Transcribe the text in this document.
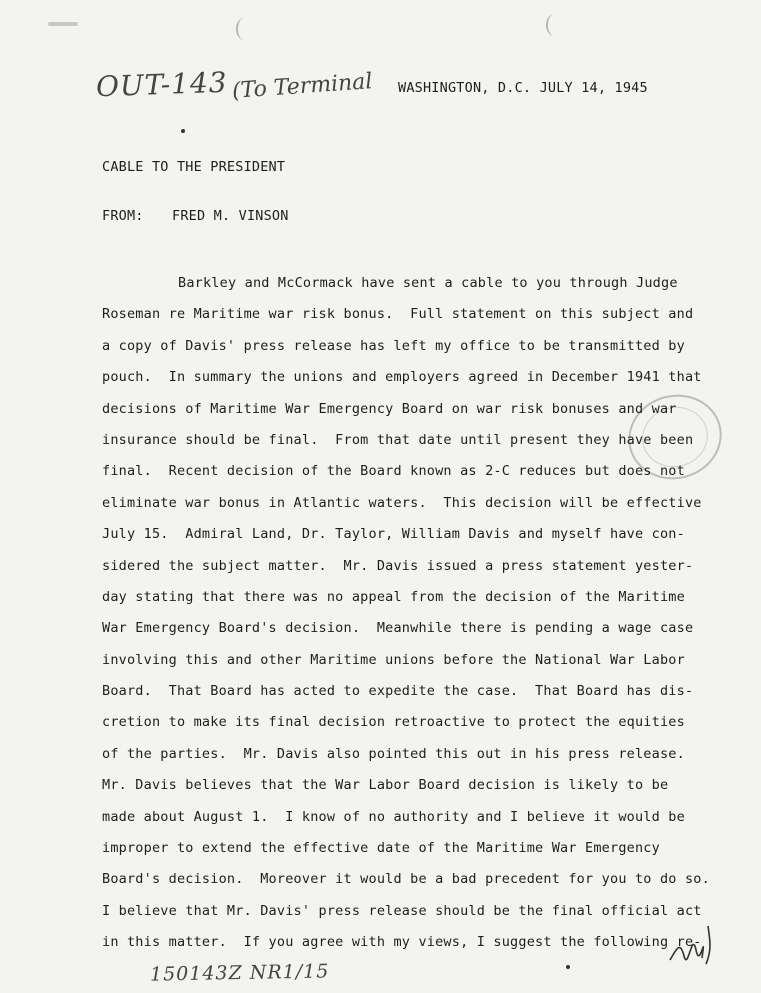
OUT-143 (To Terminal WASHINGTON, D.C. JULY 14, 1945
CABLE TO THE PRESIDENT
FROM: FRED M. VINSON
Barkley and McCormack have sent a cable to you through Judge
Roseman re Maritime war risk bonus.  Full statement on this subject and
a copy of Davis' press release has left my office to be transmitted by
pouch.  In summary the unions and employers agreed in December 1941 that
decisions of Maritime War Emergency Board on war risk bonuses and war
insurance should be final.  From that date until present they have been
final.  Recent decision of the Board known as 2-C reduces but does not
eliminate war bonus in Atlantic waters.  This decision will be effective
July 15.  Admiral Land, Dr. Taylor, William Davis and myself have con-
sidered the subject matter.  Mr. Davis issued a press statement yester-
day stating that there was no appeal from the decision of the Maritime
War Emergency Board's decision.  Meanwhile there is pending a wage case
involving this and other Maritime unions before the National War Labor
Board.  That Board has acted to expedite the case.  That Board has dis-
cretion to make its final decision retroactive to protect the equities
of the parties.  Mr. Davis also pointed this out in his press release.
Mr. Davis believes that the War Labor Board decision is likely to be
made about August 1.  I know of no authority and I believe it would be
improper to extend the effective date of the Maritime War Emergency
Board's decision.  Moreover it would be a bad precedent for you to do so.
I believe that Mr. Davis' press release should be the final official act
in this matter.  If you agree with my views, I suggest the following re-
150143Z NR1/15
